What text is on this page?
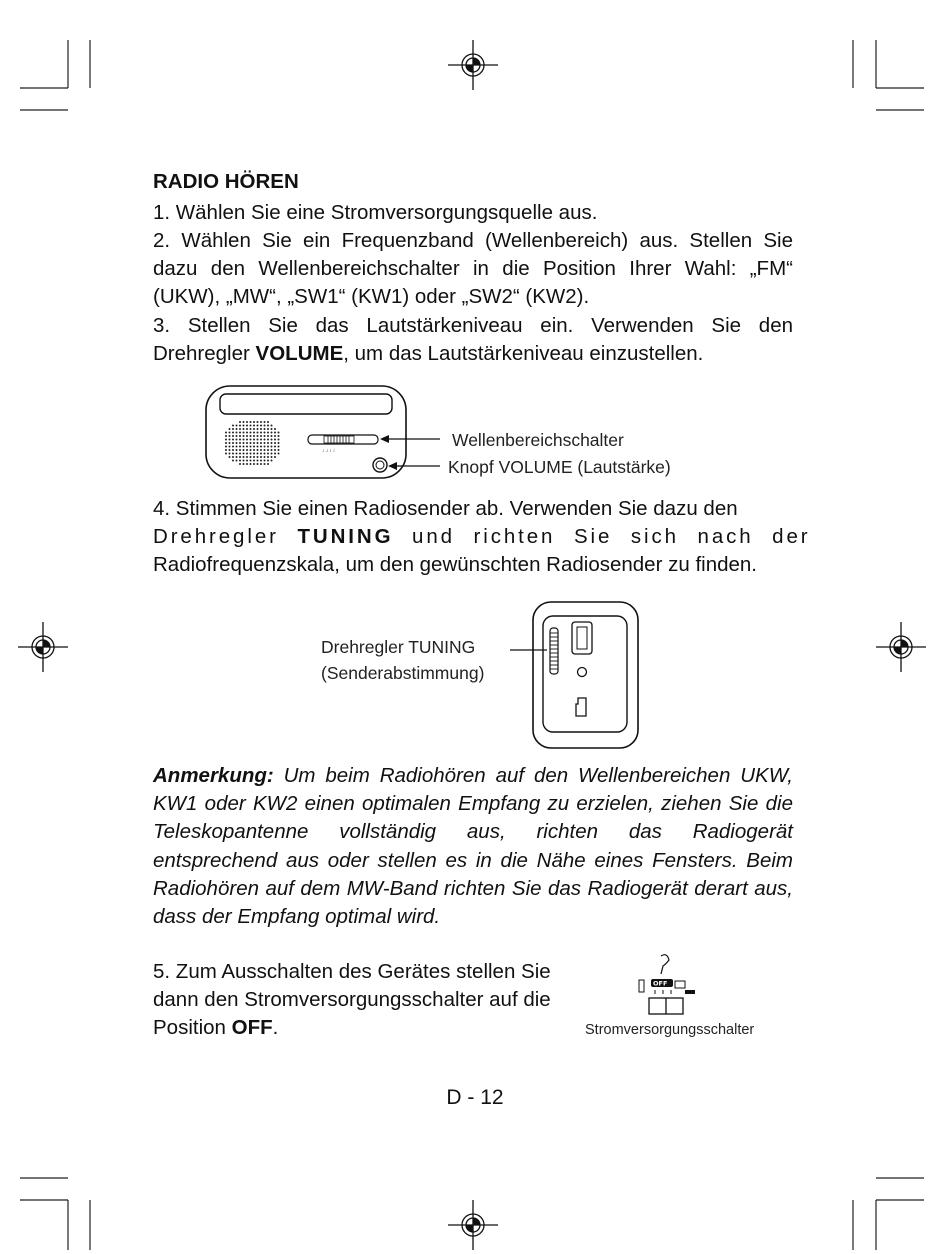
RADIO HÖREN

1. Wählen Sie eine Stromversorgungsquelle aus.

2. Wählen Sie ein Frequenzband (Wellenbereich) aus. Stellen Sie dazu den Wellenbereichschalter in die Position Ihrer Wahl: „FM“ (UKW), „MW“, „SW1“ (KW1) oder „SW2“ (KW2).

3. Stellen Sie das Lautstärkeniveau ein. Verwenden Sie den Drehregler VOLUME, um das Lautstärkeniveau einzustellen.

˩ ˩˩ ˩ ˩
Wellenbereichschalter
Knopf VOLUME (Lautstärke)

4. Stimmen Sie einen Radiosender ab. Verwenden Sie dazu den

Drehregler TUNING und richten Sie sich nach der

Radiofrequenzskala, um den gewünschten Radiosender zu finden.

Drehregler TUNING
(Senderabstimmung)

Anmerkung: Um beim Radiohören auf den Wellenbereichen UKW, KW1 oder KW2 einen optimalen Empfang zu erzielen, ziehen Sie die Teleskopantenne vollständig aus, richten das Radiogerät entsprechend aus oder stellen es in die Nähe eines Fensters. Beim Radiohören auf dem MW-Band richten Sie das Radiogerät derart aus, dass der Empfang optimal wird.

5. Zum Ausschalten des Gerätes stellen Sie dann den Stromversorgungsschalter auf die Position OFF.

OFF
Stromversorgungsschalter
D - 12
